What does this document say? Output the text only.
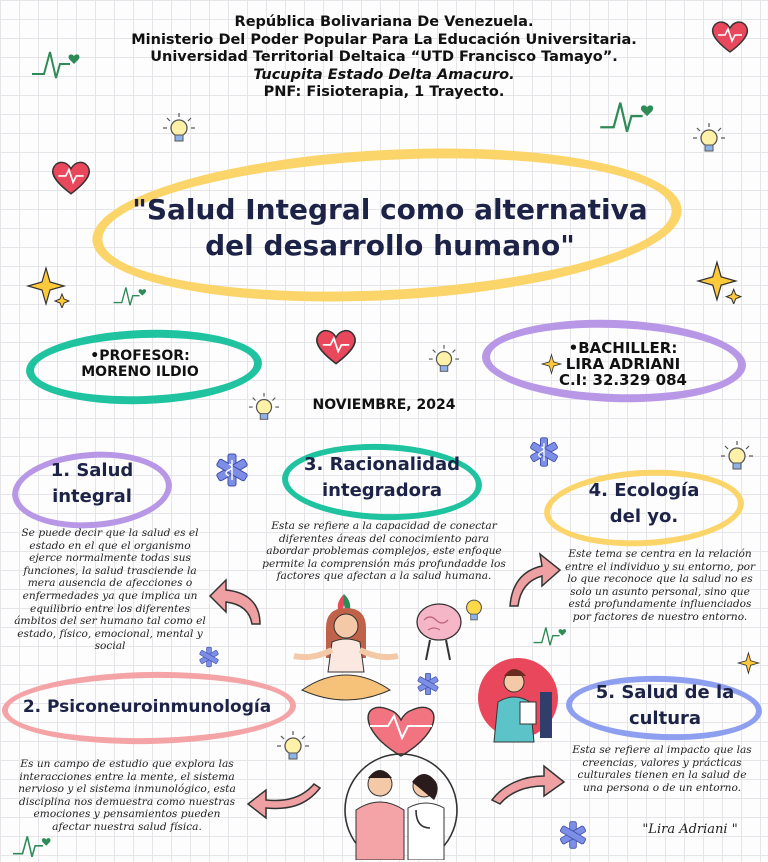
República Bolivariana De Venezuela.
Ministerio Del Poder Popular Para La Educación Universitaria.
Universidad Territorial Deltaica “UTD Francisco Tamayo”.
Tucupita Estado Delta Amacuro.
PNF: Fisioterapia, 1 Trayecto.
"Salud Integral como alternativa
del desarrollo humano"
•PROFESOR:
MORENO ILDIO
•BACHILLER:
LIRA ADRIANI
C.I: 32.329 084
NOVIEMBRE, 2024
1. Salud
integral
Se puede decir que la salud es el estado en el que el organismo ejerce normalmente todas sus funciones, la salud trasciende la mera ausencia de afecciones o enfermedades ya que implica un equilibrio entre los diferentes ámbitos del ser humano tal como el estado, físico, emocional, mental y social
3. Racionalidad
integradora
Esta se refiere a la capacidad de conectar diferentes áreas del conocimiento para abordar problemas complejos, este enfoque permite la comprensión más profundadde los factores que afectan a la salud humana.
4. Ecología
del yo.
Este tema se centra en la relación entre el individuo y su entorno, por lo que reconoce que la salud no es solo un asunto personal, sino que está profundamente influenciados por factores de nuestro entorno.
2. Psiconeuroinmunología
Es un campo de estudio que explora las interacciones entre la mente, el sistema nervioso y el sistema inmunológico, esta disciplina nos demuestra como nuestras emociones y pensamientos pueden afectar nuestra salud física.
5. Salud de la
cultura
Esta se refiere al impacto que las creencias, valores y prácticas culturales tienen en la salud de una persona o de un entorno.
"Lira Adriani "
